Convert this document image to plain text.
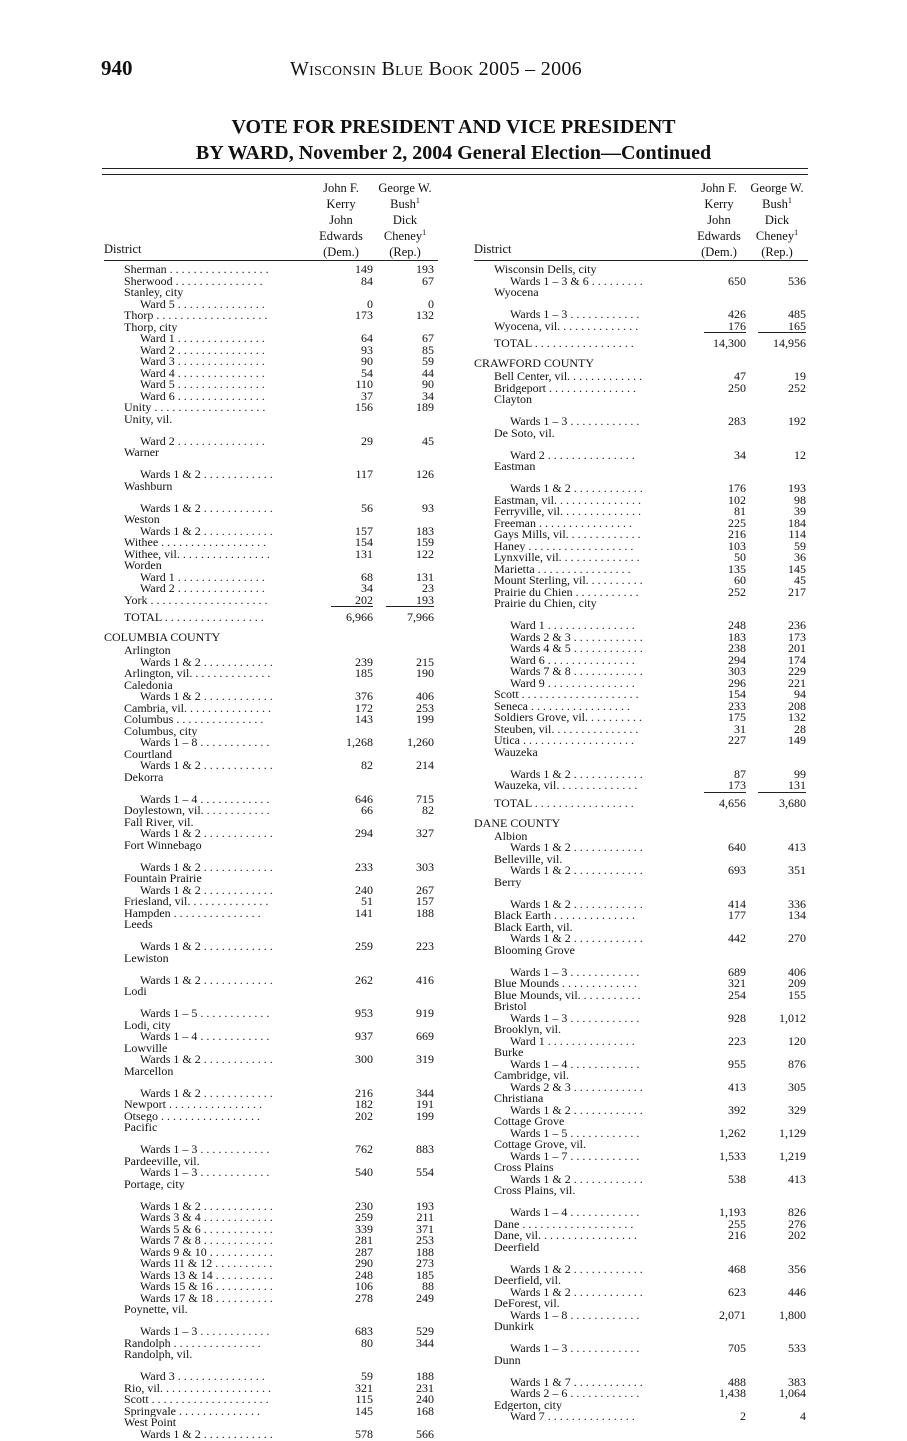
940	Wisconsin Blue Book 2005 – 2006
VOTE FOR PRESIDENT AND VICE PRESIDENT
BY WARD, November 2, 2004 General Election—Continued
District
John F.
Kerry
John
Edwards
(Dem.)
George W.
Bush$^1$
Dick
Cheney$^1$
(Rep.)
Sherman . . . . . . . . . . . . . . . . .	149	193
Sherwood . . . . . . . . . . . . . . .	84	67
Stanley, city
Ward 5 . . . . . . . . . . . . . . .	0	0
Thorp . . . . . . . . . . . . . . . . . . .	173	132
Thorp, city
Ward 1 . . . . . . . . . . . . . . .	64	67
Ward 2 . . . . . . . . . . . . . . .	93	85
Ward 3 . . . . . . . . . . . . . . .	90	59
Ward 4 . . . . . . . . . . . . . . .	54	44
Ward 5 . . . . . . . . . . . . . . .	110	90
Ward 6 . . . . . . . . . . . . . . .	37	34
Unity . . . . . . . . . . . . . . . . . . .	156	189
Unity, vil.
Ward 2 . . . . . . . . . . . . . . .	29	45
Warner
Wards 1 & 2 . . . . . . . . . . . .	117	126
Washburn
Wards 1 & 2 . . . . . . . . . . . .	56	93
Weston
Wards 1 & 2 . . . . . . . . . . . .	157	183
Withee . . . . . . . . . . . . . . . . . .	154	159
Withee, vil. . . . . . . . . . . . . . . .	131	122
Worden
Ward 1 . . . . . . . . . . . . . . .	68	131
Ward 2 . . . . . . . . . . . . . . .	34	23
York . . . . . . . . . . . . . . . . . . . .	202	193
TOTAL . . . . . . . . . . . . . . . . .	6,966	7,966
COLUMBIA COUNTY
Arlington
Wards 1 & 2 . . . . . . . . . . . .	239	215
Arlington, vil. . . . . . . . . . . . . .	185	190
Caledonia
Wards 1 & 2 . . . . . . . . . . . .	376	406
Cambria, vil. . . . . . . . . . . . . . .	172	253
Columbus . . . . . . . . . . . . . . .	143	199
Columbus, city
Wards 1 – 8 . . . . . . . . . . . .	1,268	1,260
Courtland
Wards 1 & 2 . . . . . . . . . . . .	82	214
Dekorra
Wards 1 – 4 . . . . . . . . . . . .	646	715
Doylestown, vil. . . . . . . . . . . .	66	82
Fall River, vil.
Wards 1 & 2 . . . . . . . . . . . .	294	327
Fort Winnebago
Wards 1 & 2 . . . . . . . . . . . .	233	303
Fountain Prairie
Wards 1 & 2 . . . . . . . . . . . .	240	267
Friesland, vil. . . . . . . . . . . . . .	51	157
Hampden . . . . . . . . . . . . . . .	141	188
Leeds
Wards 1 & 2 . . . . . . . . . . . .	259	223
Lewiston
Wards 1 & 2 . . . . . . . . . . . .	262	416
Lodi
Wards 1 – 5 . . . . . . . . . . . .	953	919
Lodi, city
Wards 1 – 4 . . . . . . . . . . . .	937	669
Lowville
Wards 1 & 2 . . . . . . . . . . . .	300	319
Marcellon
Wards 1 & 2 . . . . . . . . . . . .	216	344
Newport . . . . . . . . . . . . . . . .	182	191
Otsego . . . . . . . . . . . . . . . . .	202	199
Pacific
Wards 1 – 3 . . . . . . . . . . . .	762	883
Pardeeville, vil.
Wards 1 – 3 . . . . . . . . . . . .	540	554
Portage, city
Wards 1 & 2 . . . . . . . . . . . .	230	193
Wards 3 & 4 . . . . . . . . . . . .	259	211
Wards 5 & 6 . . . . . . . . . . . .	339	371
Wards 7 & 8 . . . . . . . . . . . .	281	253
Wards 9 & 10 . . . . . . . . . . .	287	188
Wards 11 & 12 . . . . . . . . . .	290	273
Wards 13 & 14 . . . . . . . . . .	248	185
Wards 15 & 16 . . . . . . . . . .	106	88
Wards 17 & 18 . . . . . . . . . .	278	249
Poynette, vil.
Wards 1 – 3 . . . . . . . . . . . .	683	529
Randolph . . . . . . . . . . . . . . .	80	344
Randolph, vil.
Ward 3 . . . . . . . . . . . . . . .	59	188
Rio, vil. . . . . . . . . . . . . . . . . . .	321	231
Scott . . . . . . . . . . . . . . . . . . . .	115	240
Springvale . . . . . . . . . . . . . .	145	168
West Point
Wards 1 & 2 . . . . . . . . . . . .	578	566
District
John F.
Kerry
John
Edwards
(Dem.)
George W.
Bush$^1$
Dick
Cheney$^1$
(Rep.)
Wisconsin Dells, city
Wards 1 – 3 & 6 . . . . . . . . .	650	536
Wyocena
Wards 1 – 3 . . . . . . . . . . . .	426	485
Wyocena, vil. . . . . . . . . . . . . .	176	165
TOTAL . . . . . . . . . . . . . . . . .	14,300 14,956
CRAWFORD COUNTY
Bell Center, vil. . . . . . . . . . . . .	47	19
Bridgeport . . . . . . . . . . . . . . .	250	252
Clayton
Wards 1 – 3 . . . . . . . . . . . .	283	192
De Soto, vil.
Ward 2 . . . . . . . . . . . . . . .	34	12
Eastman
Wards 1 & 2 . . . . . . . . . . . .	176	193
Eastman, vil. . . . . . . . . . . . . . .	102	98
Ferryville, vil. . . . . . . . . . . . . .	81	39
Freeman . . . . . . . . . . . . . . . .	225	184
Gays Mills, vil. . . . . . . . . . . . .	216	114
Haney . . . . . . . . . . . . . . . . . .	103	59
Lynxville, vil. . . . . . . . . . . . . .	50	36
Marietta . . . . . . . . . . . . . . . .	135	145
Mount Sterling, vil. . . . . . . . . .	60	45
Prairie du Chien . . . . . . . . . . .	252	217
Prairie du Chien, city
Ward 1 . . . . . . . . . . . . . . .	248	236
Wards 2 & 3 . . . . . . . . . . . .	183	173
Wards 4 & 5 . . . . . . . . . . . .	238	201
Ward 6 . . . . . . . . . . . . . . .	294	174
Wards 7 & 8 . . . . . . . . . . . .	303	229
Ward 9 . . . . . . . . . . . . . . .	296	221
Scott . . . . . . . . . . . . . . . . . . . .	154	94
Seneca . . . . . . . . . . . . . . . . .	233	208
Soldiers Grove, vil. . . . . . . . . .	175	132
Steuben, vil. . . . . . . . . . . . . . .	31	28
Utica . . . . . . . . . . . . . . . . . . .	227	149
Wauzeka
Wards 1 & 2 . . . . . . . . . . . .	87	99
Wauzeka, vil. . . . . . . . . . . . . .	173	131
TOTAL . . . . . . . . . . . . . . . . .	4,656	3,680
DANE COUNTY
Albion
Wards 1 & 2 . . . . . . . . . . . .	640	413
Belleville, vil.
Wards 1 & 2 . . . . . . . . . . . .	693	351
Berry
Wards 1 & 2 . . . . . . . . . . . .	414	336
Black Earth . . . . . . . . . . . . . .	177	134
Black Earth, vil.
Wards 1 & 2 . . . . . . . . . . . .	442	270
Blooming Grove
Wards 1 – 3 . . . . . . . . . . . .	689	406
Blue Mounds . . . . . . . . . . . . .	321	209
Blue Mounds, vil. . . . . . . . . . .	254	155
Bristol
Wards 1 – 3 . . . . . . . . . . . .	928	1,012
Brooklyn, vil.
Ward 1 . . . . . . . . . . . . . . .	223	120
Burke
Wards 1 – 4 . . . . . . . . . . . .	955	876
Cambridge, vil.
Wards 2 & 3 . . . . . . . . . . . .	413	305
Christiana
Wards 1 & 2 . . . . . . . . . . . .	392	329
Cottage Grove
Wards 1 – 5 . . . . . . . . . . . .	1,262	1,129
Cottage Grove, vil.
Wards 1 – 7 . . . . . . . . . . . .	1,533	1,219
Cross Plains
Wards 1 & 2 . . . . . . . . . . . .	538	413
Cross Plains, vil.
Wards 1 – 4 . . . . . . . . . . . .	1,193	826
Dane . . . . . . . . . . . . . . . . . . .	255	276
Dane, vil. . . . . . . . . . . . . . . . .	216	202
Deerfield
Wards 1 & 2 . . . . . . . . . . . .	468	356
Deerfield, vil.
Wards 1 & 2 . . . . . . . . . . . .	623	446
DeForest, vil.
Wards 1 – 8 . . . . . . . . . . . .	2,071	1,800
Dunkirk
Wards 1 – 3 . . . . . . . . . . . .	705	533
Dunn
Wards 1 & 7 . . . . . . . . . . . .	488	383
Wards 2 – 6 . . . . . . . . . . . .	1,438	1,064
Edgerton, city
Ward 7 . . . . . . . . . . . . . . .	2	4
